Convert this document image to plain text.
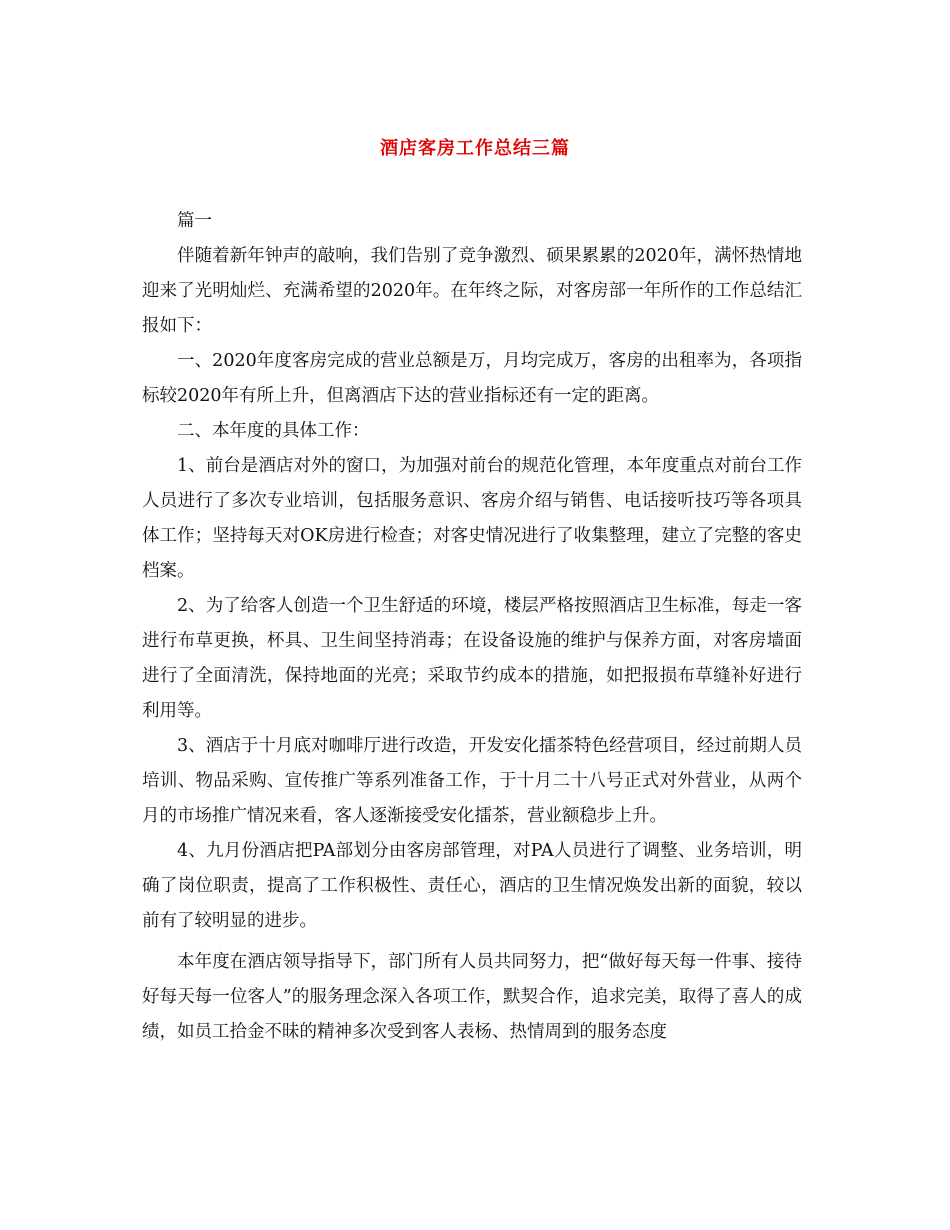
酒店客房工作总结三篇

篇一

伴随着新年钟声的敲响，我们告别了竞争激烈、硕果累累的2020年，满怀热情地迎来了光明灿烂、充满希望的2020年。在年终之际，对客房部一年所作的工作总结汇报如下：

一、2020年度客房完成的营业总额是万，月均完成万，客房的出租率为，各项指标较2020年有所上升，但离酒店下达的营业指标还有一定的距离。

二、本年度的具体工作：

1、前台是酒店对外的窗口，为加强对前台的规范化管理，本年度重点对前台工作人员进行了多次专业培训，包括服务意识、客房介绍与销售、电话接听技巧等各项具体工作；坚持每天对OK房进行检查；对客史情况进行了收集整理，建立了完整的客史档案。

2、为了给客人创造一个卫生舒适的环境，楼层严格按照酒店卫生标准，每走一客进行布草更换，杯具、卫生间坚持消毒；在设备设施的维护与保养方面，对客房墙面进行了全面清洗，保持地面的光亮；采取节约成本的措施，如把报损布草缝补好进行利用等。

3、酒店于十月底对咖啡厅进行改造，开发安化擂茶特色经营项目，经过前期人员培训、物品采购、宣传推广等系列准备工作，于十月二十八号正式对外营业，从两个月的市场推广情况来看，客人逐渐接受安化擂茶，营业额稳步上升。

4、九月份酒店把PA部划分由客房部管理，对PA人员进行了调整、业务培训，明确了岗位职责，提高了工作积极性、责任心，酒店的卫生情况焕发出新的面貌，较以前有了较明显的进步。

本年度在酒店领导指导下，部门所有人员共同努力，把“做好每天每一件事、接待好每天每一位客人”的服务理念深入各项工作，默契合作，追求完美，取得了喜人的成绩，如员工拾金不昧的精神多次受到客人表杨、热情周到的服务态度
